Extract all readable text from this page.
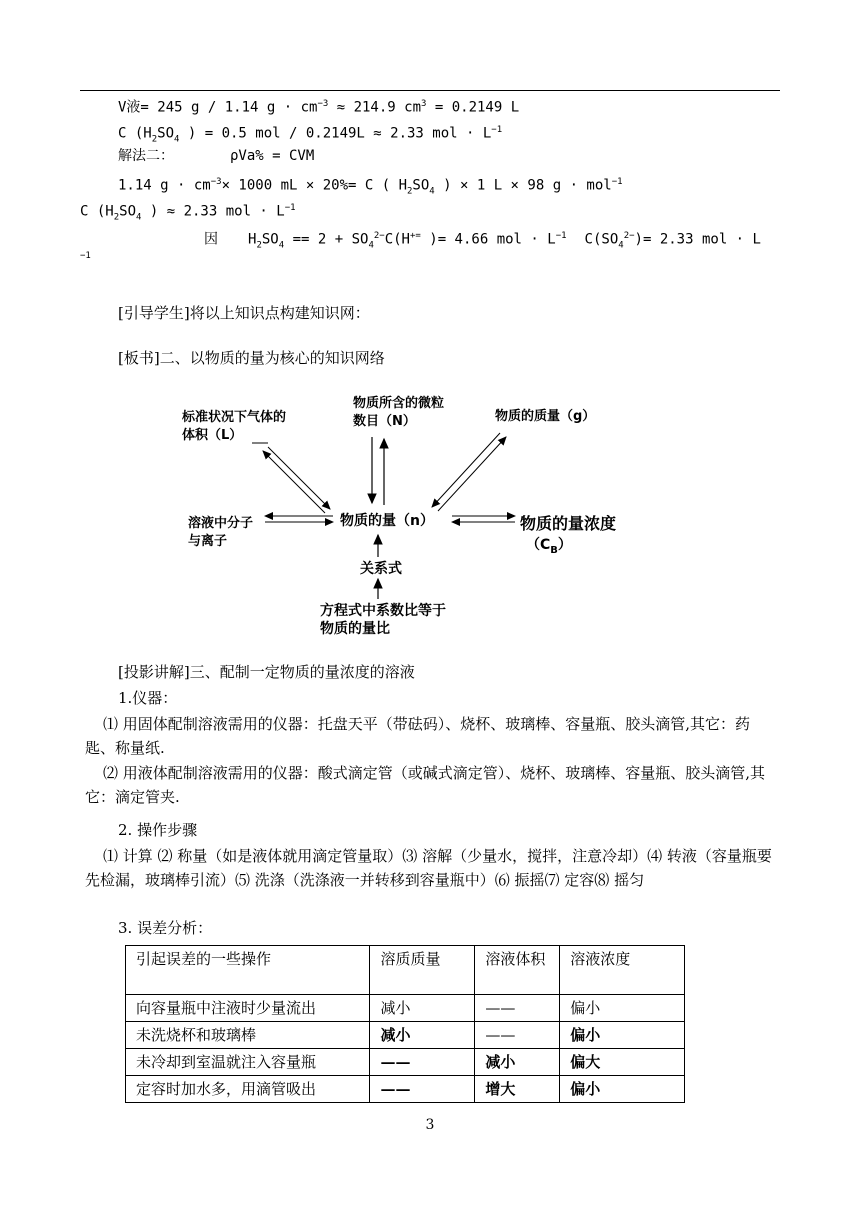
V液= 245 g / 1.14 $g \cdot cm^{-3} \approx 214.9$ $cm^3 = 0.2149$ L
C ($H_2SO_4$ ) = 0.5 mol / 0.2149L ≈ 2.33 mol · $L^{-1}$
解法二：	ρVa% = CVM
1.14 $g \cdot cm^{-3}\times 1000$ mL × 20%= C ( $H_2SO_4$ ) × 1 L × 98 g · mol$^{-1}$
C ($H_2SO_4$ ) ≈ 2.33 mol · $L^{-1}$
因 $H_2SO_4 == 2 + SO_4^{2-}C(H^{+=}$ )= 4.66 mol · $L^{-1}$ $C(SO_4^{2-})= 2.33$ mol · L
−1
[引导学生]将以上知识点构建知识网：
[板书]二、以物质的量为核心的知识网络
标准状况下气体的
体积（L）
物质所含的微粒
数目（N）	物质的质量（g）
溶液中分子
与离子
物质的量（n）	物质的量浓度
$(C_B)$
关系式
方程式中系数比等于
物质的量比
[投影讲解]三、配制一定物质的量浓度的溶液
1.仪器：
⑴ 用固体配制溶液需用的仪器：托盘天平（带砝码）、烧杯、玻璃棒、容量瓶、胶头滴管,其它：药匙、称量纸.
⑵ 用液体配制溶液需用的仪器：酸式滴定管（或碱式滴定管）、烧杯、玻璃棒、容量瓶、胶头滴管,其它：滴定管夹.
2. 操作步骤
⑴ 计算 ⑵ 称量（如是液体就用滴定管量取）⑶ 溶解（少量水，搅拌，注意冷却）⑷ 转液（容量瓶要先检漏，玻璃棒引流）⑸ 洗涤（洗涤液一并转移到容量瓶中）⑹ 振摇⑺ 定容⑻ 摇匀
3. 误差分析：
引起误差的一些操作	溶质质量	溶液体积	溶液浓度
向容量瓶中注液时少量流出	减小	——	偏小
未洗烧杯和玻璃棒	减小	——	偏小
未冷却到室温就注入容量瓶	——	减小	偏大
定容时加水多，用滴管吸出	——	增大	偏小
3
